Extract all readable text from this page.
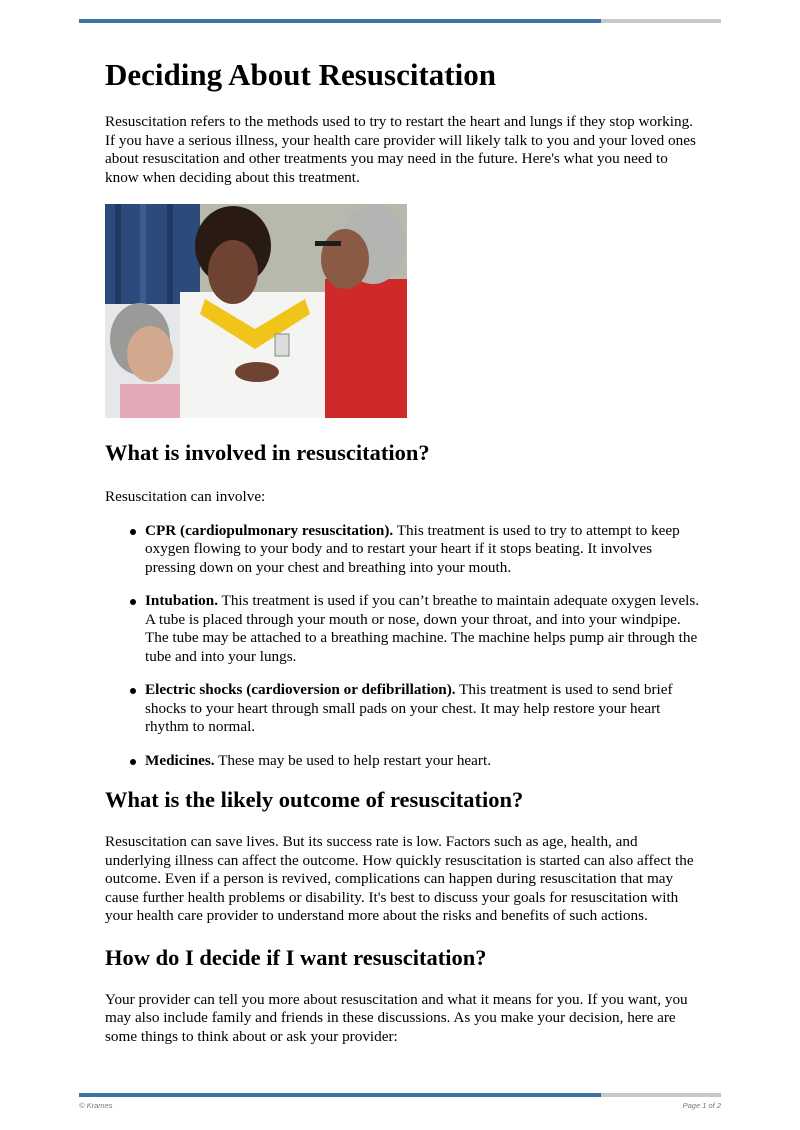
Deciding About Resuscitation

Resuscitation refers to the methods used to try to restart the heart and lungs if they stop working. If you have a serious illness, your health care provider will likely talk to you and your loved ones about resuscitation and other treatments you may need in the future. Here's what you need to know when deciding about this treatment.

What is involved in resuscitation?

Resuscitation can involve:

CPR (cardiopulmonary resuscitation). This treatment is used to try to attempt to keep oxygen flowing to your body and to restart your heart if it stops beating. It involves pressing down on your chest and breathing into your mouth.
Intubation. This treatment is used if you can’t breathe to maintain adequate oxygen levels. A tube is placed through your mouth or nose, down your throat, and into your windpipe. The tube may be attached to a breathing machine. The machine helps pump air through the tube and into your lungs.
Electric shocks (cardioversion or defibrillation). This treatment is used to send brief shocks to your heart through small pads on your chest. It may help restore your heart rhythm to normal.
Medicines. These may be used to help restart your heart.
What is the likely outcome of resuscitation?

Resuscitation can save lives. But its success rate is low. Factors such as age, health, and underlying illness can affect the outcome. How quickly resuscitation is started can also affect the outcome. Even if a person is revived, complications can happen during resuscitation that may cause further health problems or disability. It's best to discuss your goals for resuscitation with your health care provider to understand more about the risks and benefits of such actions.

How do I decide if I want resuscitation?

Your provider can tell you more about resuscitation and what it means for you. If you want, you may also include family and friends in these discussions. As you make your decision, here are some things to think about or ask your provider:

© Krames	Page 1 of 2
